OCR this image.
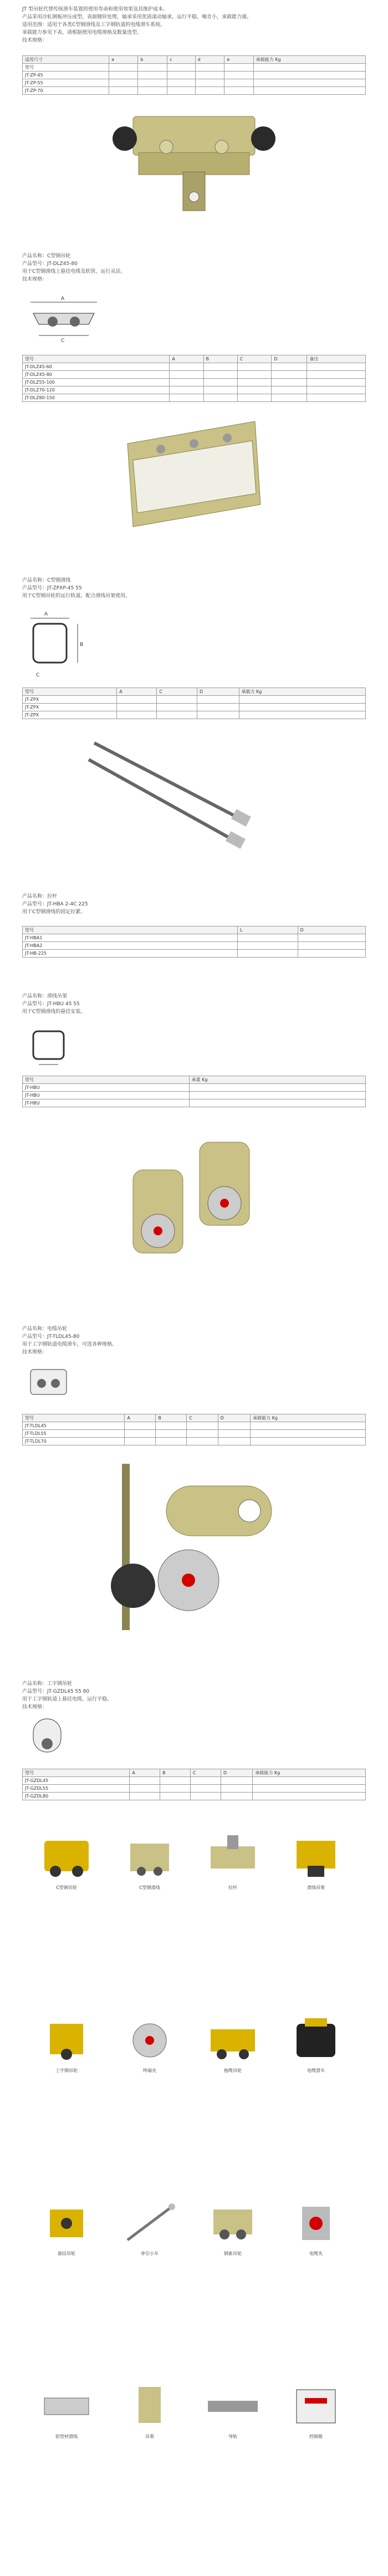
JT 型吊轮代替传统滑车装置的使用寿命和使用效果及其维护成本。
产品采用冷轧钢板冲压成型，表面镀锌处理，轴承采用优质滚动轴承，运行平稳，噪音小，承载能力强。
适用范围：适用于各类C型钢滑线及工字钢轨道的电缆滑车系统。
承载能力参见下表，请根据使用电缆规格及数量选型。
技术规格：
适用尺寸	a	b	c	d	e	承载能力 Kg
型号						
JT-ZP-45						
JT-ZP-55						
JT-ZP-70						
产品名称：C型钢吊轮
产品型号：JT-DLZ45-80
用于C型钢滑线上悬挂电缆及软管，运行灵活。
技术规格：
A
C
型号	A	B	C	D	备注
JT-DLZ45-60					
JT-DLZ45-80					
JT-DLZ55-100					
JT-DLZ70-120					
JT-DLZ80-150					
产品名称：C型钢滑线
产品型号：JT-ZPXP-45 55
用于C型钢吊轮的运行轨道，配合滑线吊架使用。
A
B
C
型号	A	C	D	承载力 Kg
JT-ZPX				
JT-ZPX				
JT-ZPX				
产品名称：拉杆
产品型号：JT-HBA 2-4C 225
用于C型钢滑线的固定拉紧。
型号	L	D
JT-HBA1		
JT-HBA2		
JT-HB-225		
产品名称：滑线吊架
产品型号：JT-HBU 45 55
用于C型钢滑线的悬挂安装。
型号	承重 Kg
JT-HBU	
JT-HBU	
JT-HBU	
产品名称：电缆吊轮
产品型号：JT-TLDL45-80
用于工字钢轨道电缆滑车，可选各种规格。
技术规格：
型号	A	B	C	D	承载能力 Kg
JT-TLDL45					
JT-TLDL55					
JT-TLDL70					
产品名称：工字钢吊轮
产品型号：JT-GZDL45 55 80
用于工字钢轨道上悬挂电缆，运行平稳。
技术规格：
型号	A	B	C	D	承载能力 Kg
JT-GZDL45					
JT-GZDL55					
JT-GZDL80					
C型钢吊轮	C型钢滑线	拉杆	滑线吊架
工字钢吊轮	终端夹	拖缆吊轮	电缆滑车
悬挂吊轮	牵引小车	钢索吊轮	电缆夹
铝型材滑线	吊架	导轨	控制箱
